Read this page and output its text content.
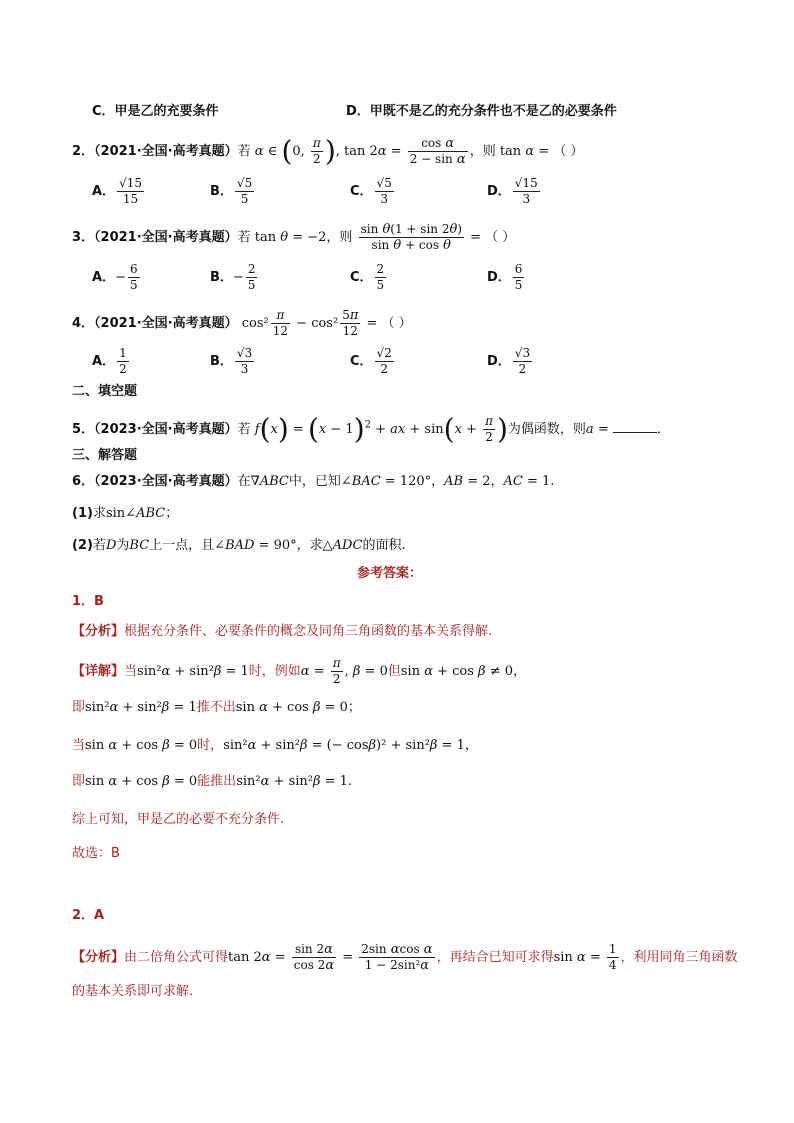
C．甲是乙的充要条件	D．甲既不是乙的充分条件也不是乙的必要条件
2．（2021·全国·高考真题）若 α ∈ (0, $\frac{\pi}{2}$ ), $\tan 2\alpha = \frac{\text{cos α}}{\text{2 − sin α}}$ ，则 tan α = （ ）
A． $\frac{√15}{15}$	B． $\frac{√5}{5}$	C． $\frac{√5}{3}$	D． $\frac{√15}{3}$
3．（2021·全国·高考真题）若 tan θ = −2，则 $\frac{\text{sin θ(1 + sin 2θ)}}{\text{sin θ + cos θ}}$ = （ ）
A．− $\frac{6}{5}$	B．− $\frac{2}{5}$	C． $\frac{2}{5}$	D． $\frac{6}{5}$
4．（2021·全国·高考真题） $\cos^2 \frac{\pi}{12} - \cos^2 \frac{5\pi}{12}$ = （ ）
A． $\frac{1}{2}$	B． $\frac{√3}{3}$	C． $\frac{√2}{2}$	D． $\frac{√3}{2}$
二、填空题
5．（2023·全国·高考真题）若 $f(x) = (x - 1)^2$ + ax + $\sin(x + \frac{\pi}{2}$ )为偶函数，则a =	．
三、解答题
6．（2023·全国·高考真题）在∇ABC中，已知∠BAC = 120°，AB = 2，AC = 1.
(1)求sin∠ABC；
(2)若D为BC上一点，且∠BAD = 90°，求△ADC的面积.
参考答案：
1．B
【分析】根据充分条件、必要条件的概念及同角三角函数的基本关系得解.
【详解】当sin²α + sin²β = 1时，例如$\alpha = \frac{\pi}{2}$ , β = 0但sin α + cos β ≠ 0，
即sin²α + sin²β = 1推不出sin α + cos β = 0；
当sin α + cos β = 0时，sin²α + sin²β = (− cosβ)² + sin²β = 1，
即sin α + cos β = 0能推出sin²α + sin²β = 1.
综上可知，甲是乙的必要不充分条件.
故选：B
2．A
【分析】由二倍角公式可得$\tan 2\alpha = \frac{\sin 2\alpha}{\cos 2\alpha} = \frac{\text{2sin αcos α}}{\text{1 − 2sin²α}}$ ，再结合已知可求得$\sin \alpha = \frac{1}{4}$ ，利用同角三角函数
的基本关系即可求解.
